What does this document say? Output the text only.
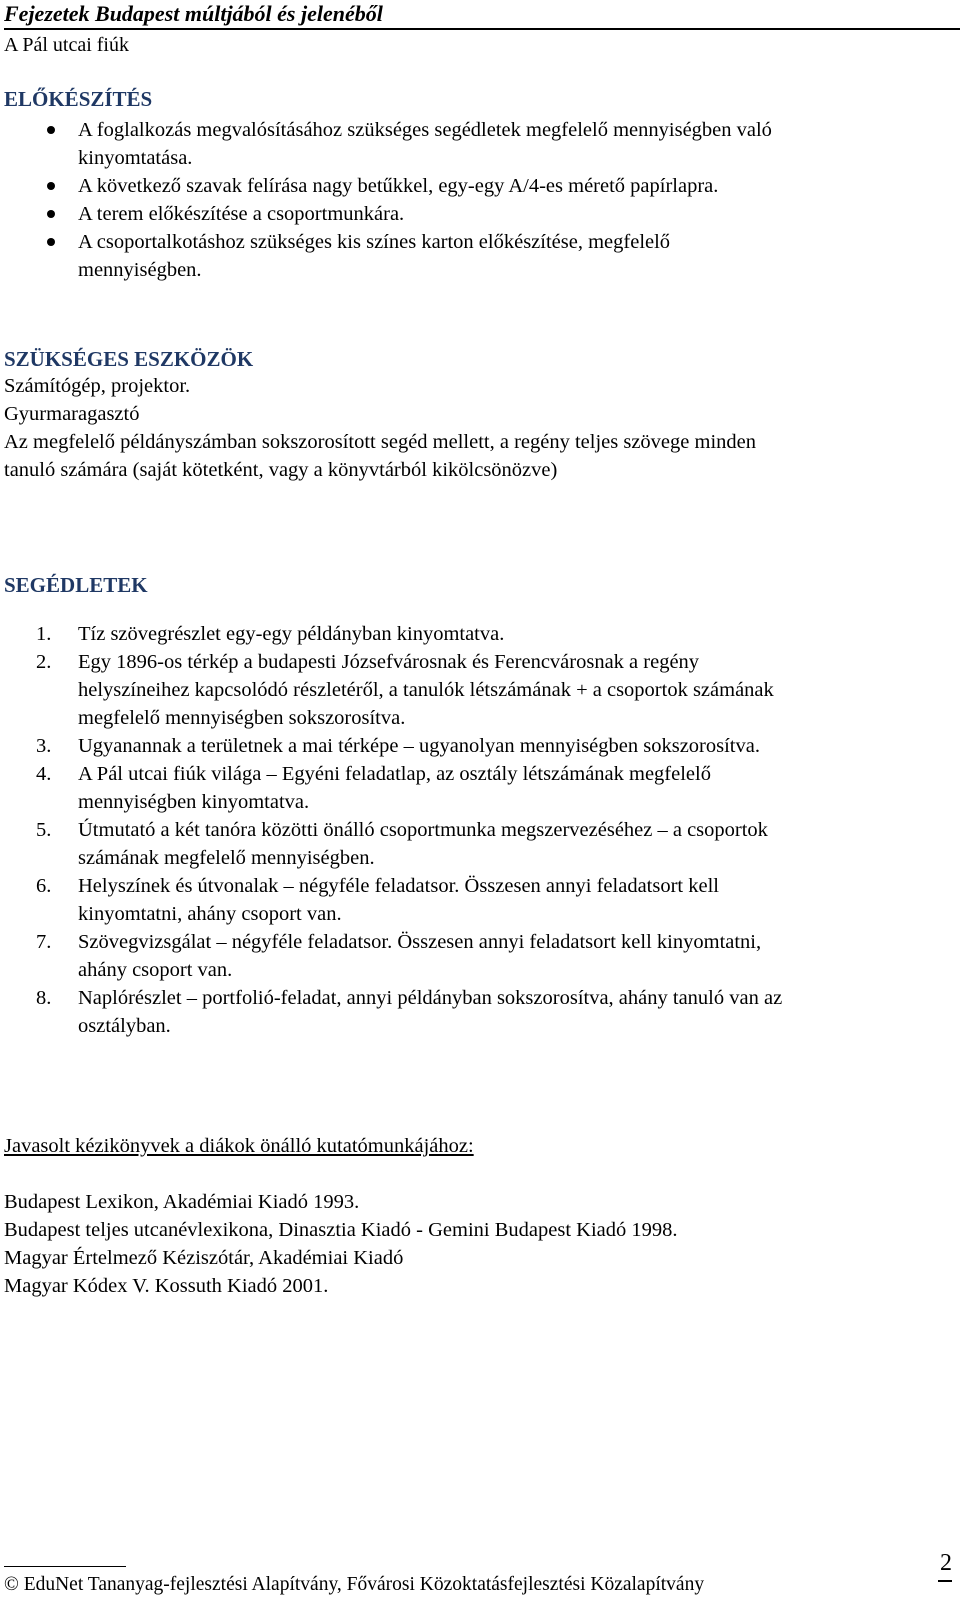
Fejezetek Budapest múltjából és jelenéből
A Pál utcai fiúk
ELŐKÉSZÍTÉS
A foglalkozás megvalósításához szükséges segédletek megfelelő mennyiségben való
kinyomtatása.
A következő szavak felírása nagy betűkkel, egy-egy A/4-es mérető papírlapra.
A terem előkészítése a csoportmunkára.
A csoportalkotáshoz szükséges kis színes karton előkészítése, megfelelő
mennyiségben.
SZÜKSÉGES ESZKÖZÖK
Számítógép, projektor.
Gyurmaragasztó
Az megfelelő példányszámban sokszorosított segéd mellett, a regény teljes szövege minden
tanuló számára (saját kötetként, vagy a könyvtárból kikölcsönözve)
SEGÉDLETEK
1. Tíz szövegrészlet egy-egy példányban kinyomtatva.
2. Egy 1896-os térkép a budapesti Józsefvárosnak és Ferencvárosnak a regény
helyszíneihez kapcsolódó részletéről, a tanulók létszámának + a csoportok számának
megfelelő mennyiségben sokszorosítva.
3. Ugyanannak a területnek a mai térképe – ugyanolyan mennyiségben sokszorosítva.
4. A Pál utcai fiúk világa – Egyéni feladatlap, az osztály létszámának megfelelő
mennyiségben kinyomtatva.
5. Útmutató a két tanóra közötti önálló csoportmunka megszervezéséhez – a csoportok
számának megfelelő mennyiségben.
6. Helyszínek és útvonalak – négyféle feladatsor. Összesen annyi feladatsort kell
kinyomtatni, ahány csoport van.
7. Szövegvizsgálat – négyféle feladatsor. Összesen annyi feladatsort kell kinyomtatni,
ahány csoport van.
8. Naplórészlet – portfolió-feladat, annyi példányban sokszorosítva, ahány tanuló van az
osztályban.
Javasolt kézikönyvek a diákok önálló kutatómunkájához:
Budapest Lexikon, Akadémiai Kiadó 1993.
Budapest teljes utcanévlexikona, Dinasztia Kiadó - Gemini Budapest Kiadó 1998.
Magyar Értelmező Kéziszótár, Akadémiai Kiadó
Magyar Kódex V. Kossuth Kiadó 2001.
© EduNet Tananyag-fejlesztési Alapítvány, Fővárosi Közoktatásfejlesztési Közalapítvány
2
